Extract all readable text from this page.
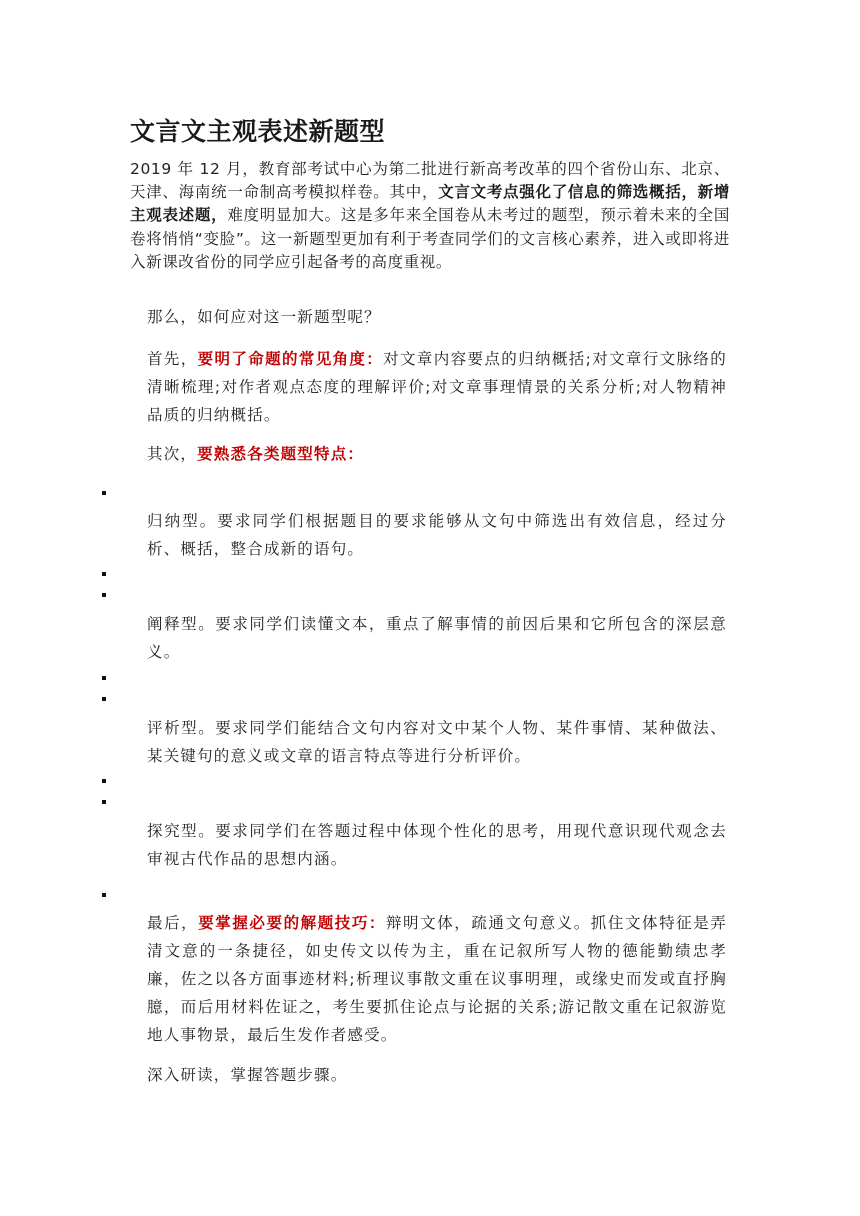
文言文主观表述新题型

2019 年 12 月，教育部考试中心为第二批进行新高考改革的四个省份山东、北京、天津、海南统一命制高考模拟样卷。其中，文言文考点强化了信息的筛选概括，新增主观表述题，难度明显加大。这是多年来全国卷从未考过的题型，预示着未来的全国卷将悄悄“变脸”。这一新题型更加有利于考查同学们的文言核心素养，进入或即将进入新课改省份的同学应引起备考的高度重视。

那么，如何应对这一新题型呢？

首先，要明了命题的常见角度：对文章内容要点的归纳概括;对文章行文脉络的清晰梳理;对作者观点态度的理解评价;对文章事理情景的关系分析;对人物精神品质的归纳概括。

其次，要熟悉各类题型特点：

归纳型。要求同学们根据题目的要求能够从文句中筛选出有效信息，经过分析、概括，整合成新的语句。

阐释型。要求同学们读懂文本，重点了解事情的前因后果和它所包含的深层意义。

评析型。要求同学们能结合文句内容对文中某个人物、某件事情、某种做法、某关键句的意义或文章的语言特点等进行分析评价。

探究型。要求同学们在答题过程中体现个性化的思考，用现代意识现代观念去审视古代作品的思想内涵。

最后，要掌握必要的解题技巧：辩明文体，疏通文句意义。抓住文体特征是弄清文意的一条捷径，如史传文以传为主，重在记叙所写人物的德能勤绩忠孝廉，佐之以各方面事迹材料;析理议事散文重在议事明理，或缘史而发或直抒胸臆，而后用材料佐证之，考生要抓住论点与论据的关系;游记散文重在记叙游览地人事物景，最后生发作者感受。

深入研读，掌握答题步骤。
